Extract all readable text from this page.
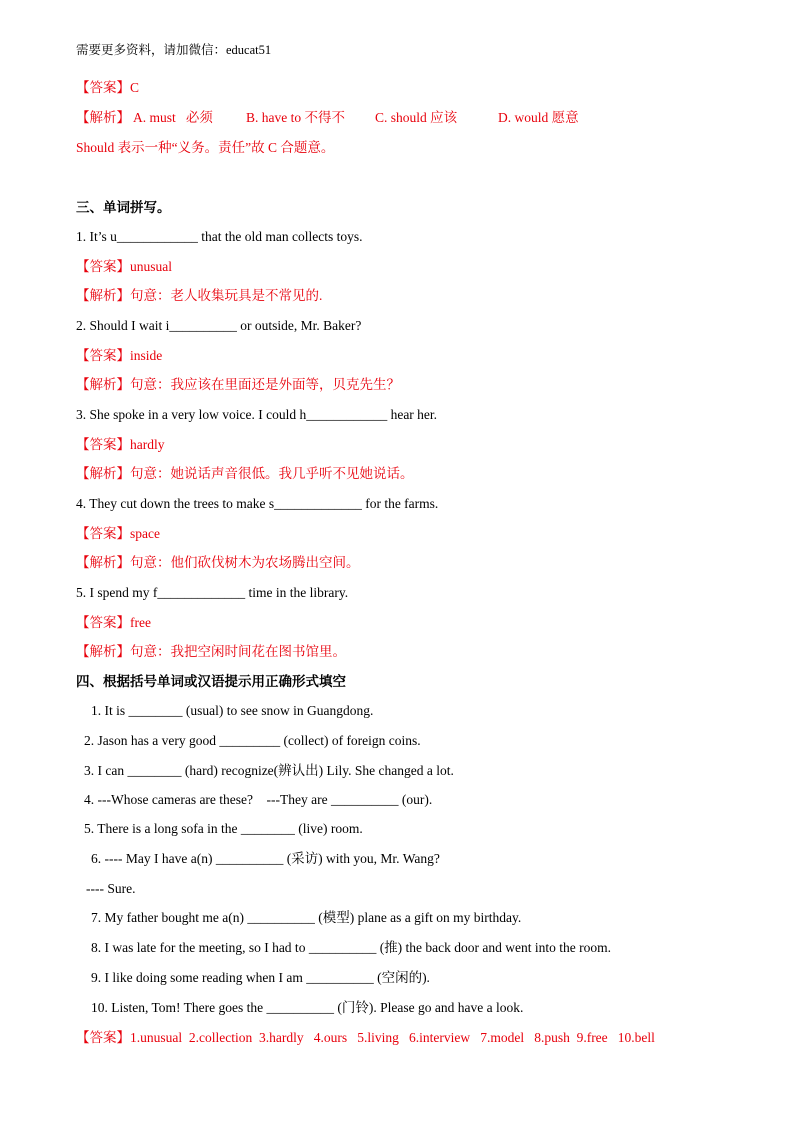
需要更多资料，请加微信：educat51
【答案】C
【解析】 A. must   必须 B. have to 不得不 C. should 应该	D. would 愿意
Should 表示一种“义务。责任”故 C 合题意。
三、单词拼写。
1. It’s u____________ that the old man collects toys.
【答案】unusual
【解析】句意：老人收集玩具是不常见的.
2. Should I wait i__________ or outside, Mr. Baker?
【答案】inside
【解析】句意：我应该在里面还是外面等，贝克先生？
3. She spoke in a very low voice. I could h____________ hear her.
【答案】hardly
【解析】句意：她说话声音很低。我几乎听不见她说话。
4. They cut down the trees to make s_____________ for the farms.
【答案】space
【解析】句意：他们砍伐树木为农场腾出空间。
5. I spend my f_____________ time in the library.
【答案】free
【解析】句意：我把空闲时间花在图书馆里。
四、根据括号单词或汉语提示用正确形式填空
1. It is ________ (usual) to see snow in Guangdong.
2. Jason has a very good _________ (collect) of foreign coins.
3. I can ________ (hard) recognize(辨认出) Lily. She changed a lot.
4. ---Whose cameras are these?    ---They are __________ (our).
5. There is a long sofa in the ________ (live) room.
6. ---- May I have a(n) __________ (采访) with you, Mr. Wang?
---- Sure.
7. My father bought me a(n) __________ (模型) plane as a gift on my birthday.
8. I was late for the meeting, so I had to __________ (推) the back door and went into the room.
9. I like doing some reading when I am __________ (空闲的).
10. Listen, Tom! There goes the __________ (门铃). Please go and have a look.
【答案】1.unusual  2.collection  3.hardly   4.ours   5.living   6.interview   7.model   8.push  9.free   10.bell
